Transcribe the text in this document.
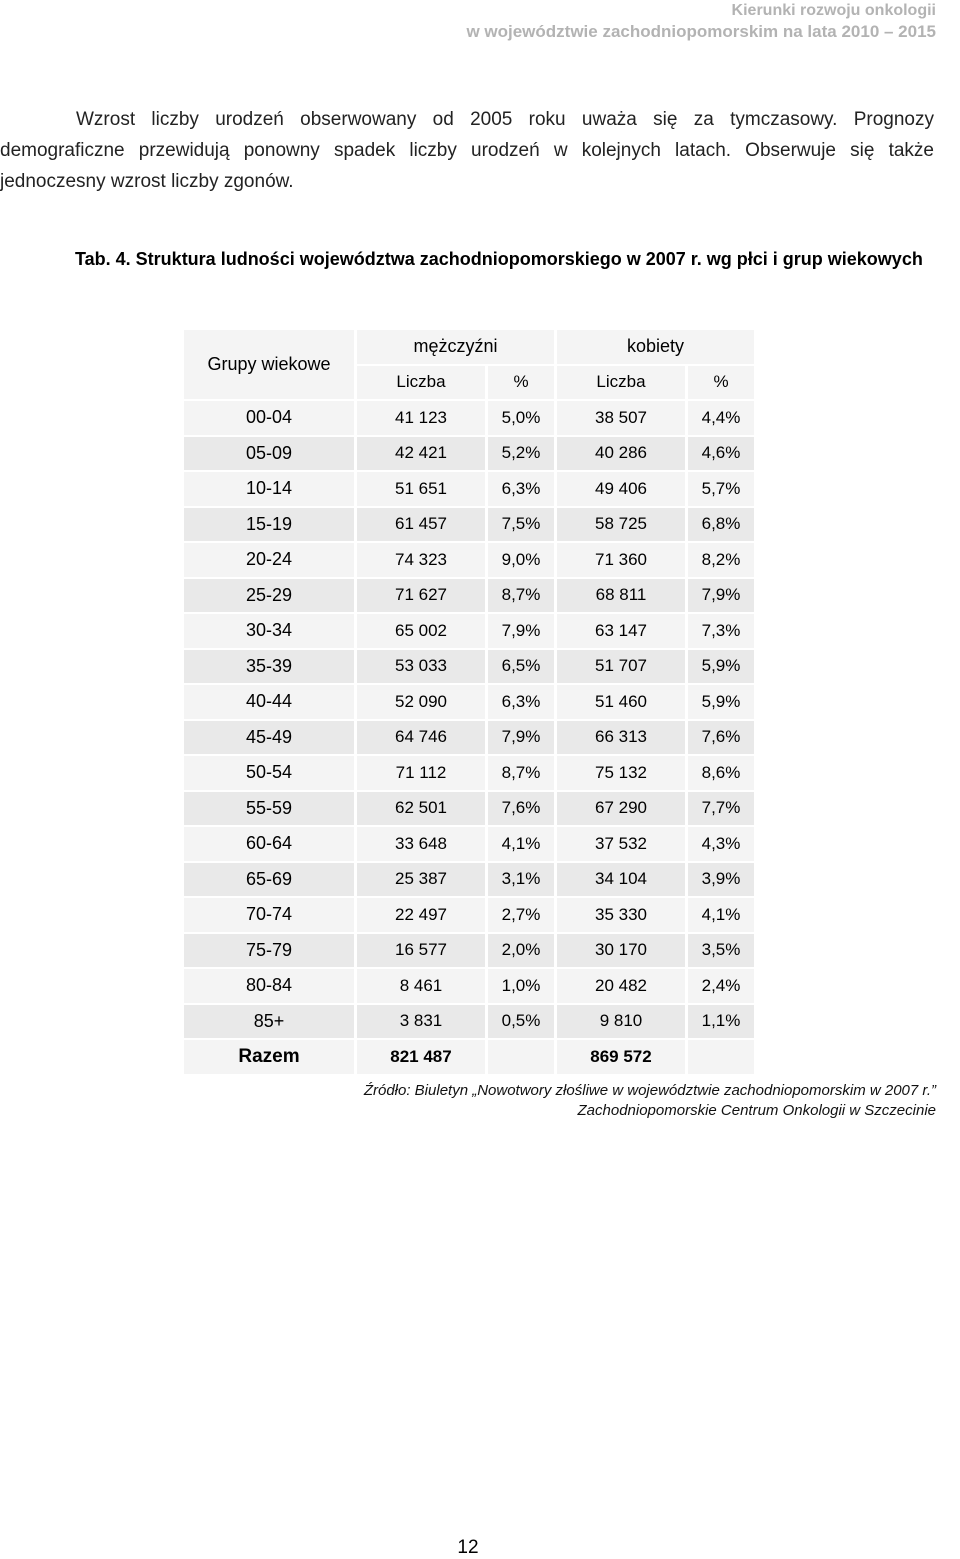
Kierunki rozwoju onkologii
w województwie zachodniopomorskim na lata 2010 – 2015

Wzrost liczby urodzeń obserwowany od 2005 roku uważa się za tymczasowy. Prognozy demograficzne przewidują ponowny spadek liczby urodzeń w kolejnych latach. Obserwuje się także jednoczesny wzrost liczby zgonów.

Tab. 4. Struktura ludności województwa zachodniopomorskiego w 2007 r. wg płci i grup wiekowych
Grupy wiekowe	mężczyźni		kobiety	
	Liczba	%	Liczba	%
00-04	41 123	5,0%	38 507	4,4%
05-09	42 421	5,2%	40 286	4,6%
10-14	51 651	6,3%	49 406	5,7%
15-19	61 457	7,5%	58 725	6,8%
20-24	74 323	9,0%	71 360	8,2%
25-29	71 627	8,7%	68 811	7,9%
30-34	65 002	7,9%	63 147	7,3%
35-39	53 033	6,5%	51 707	5,9%
40-44	52 090	6,3%	51 460	5,9%
45-49	64 746	7,9%	66 313	7,6%
50-54	71 112	8,7%	75 132	8,6%
55-59	62 501	7,6%	67 290	7,7%
60-64	33 648	4,1%	37 532	4,3%
65-69	25 387	3,1%	34 104	3,9%
70-74	22 497	2,7%	35 330	4,1%
75-79	16 577	2,0%	30 170	3,5%
80-84	8 461	1,0%	20 482	2,4%
85+	3 831	0,5%	9 810	1,1%
Razem	821 487		869 572	
Źródło: Biuletyn „Nowotwory złośliwe w województwie zachodniopomorskim w 2007 r.”
Zachodniopomorskie Centrum Onkologii w Szczecinie
12
